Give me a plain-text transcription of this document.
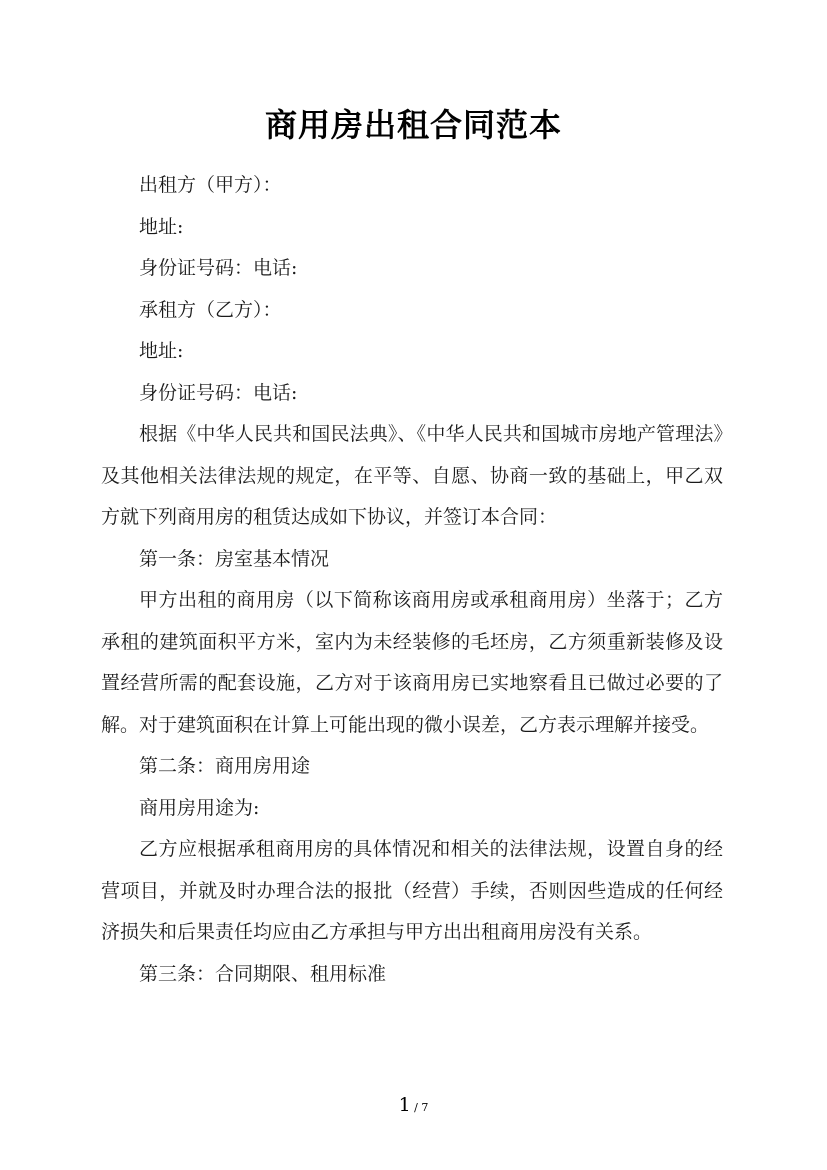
商用房出租合同范本

出租方（甲方）：

地址:

身份证号码：电话:

承租方（乙方）：

地址:

身份证号码：电话:

根据《中华人民共和国民法典》、《中华人民共和国城市房地产管理法》及其他相关法律法规的规定，在平等、自愿、协商一致的基础上，甲乙双方就下列商用房的租赁达成如下协议，并签订本合同：

第一条：房室基本情况

甲方出租的商用房（以下简称该商用房或承租商用房）坐落于；乙方承租的建筑面积平方米，室内为未经装修的毛坯房，乙方须重新装修及设置经营所需的配套设施，乙方对于该商用房已实地察看且已做过必要的了解。对于建筑面积在计算上可能出现的微小误差，乙方表示理解并接受。

第二条：商用房用途

商用房用途为:

乙方应根据承租商用房的具体情况和相关的法律法规，设置自身的经营项目，并就及时办理合法的报批（经营）手续，否则因些造成的任何经济损失和后果责任均应由乙方承担与甲方出出租商用房没有关系。

第三条：合同期限、租用标准

1 / 7
